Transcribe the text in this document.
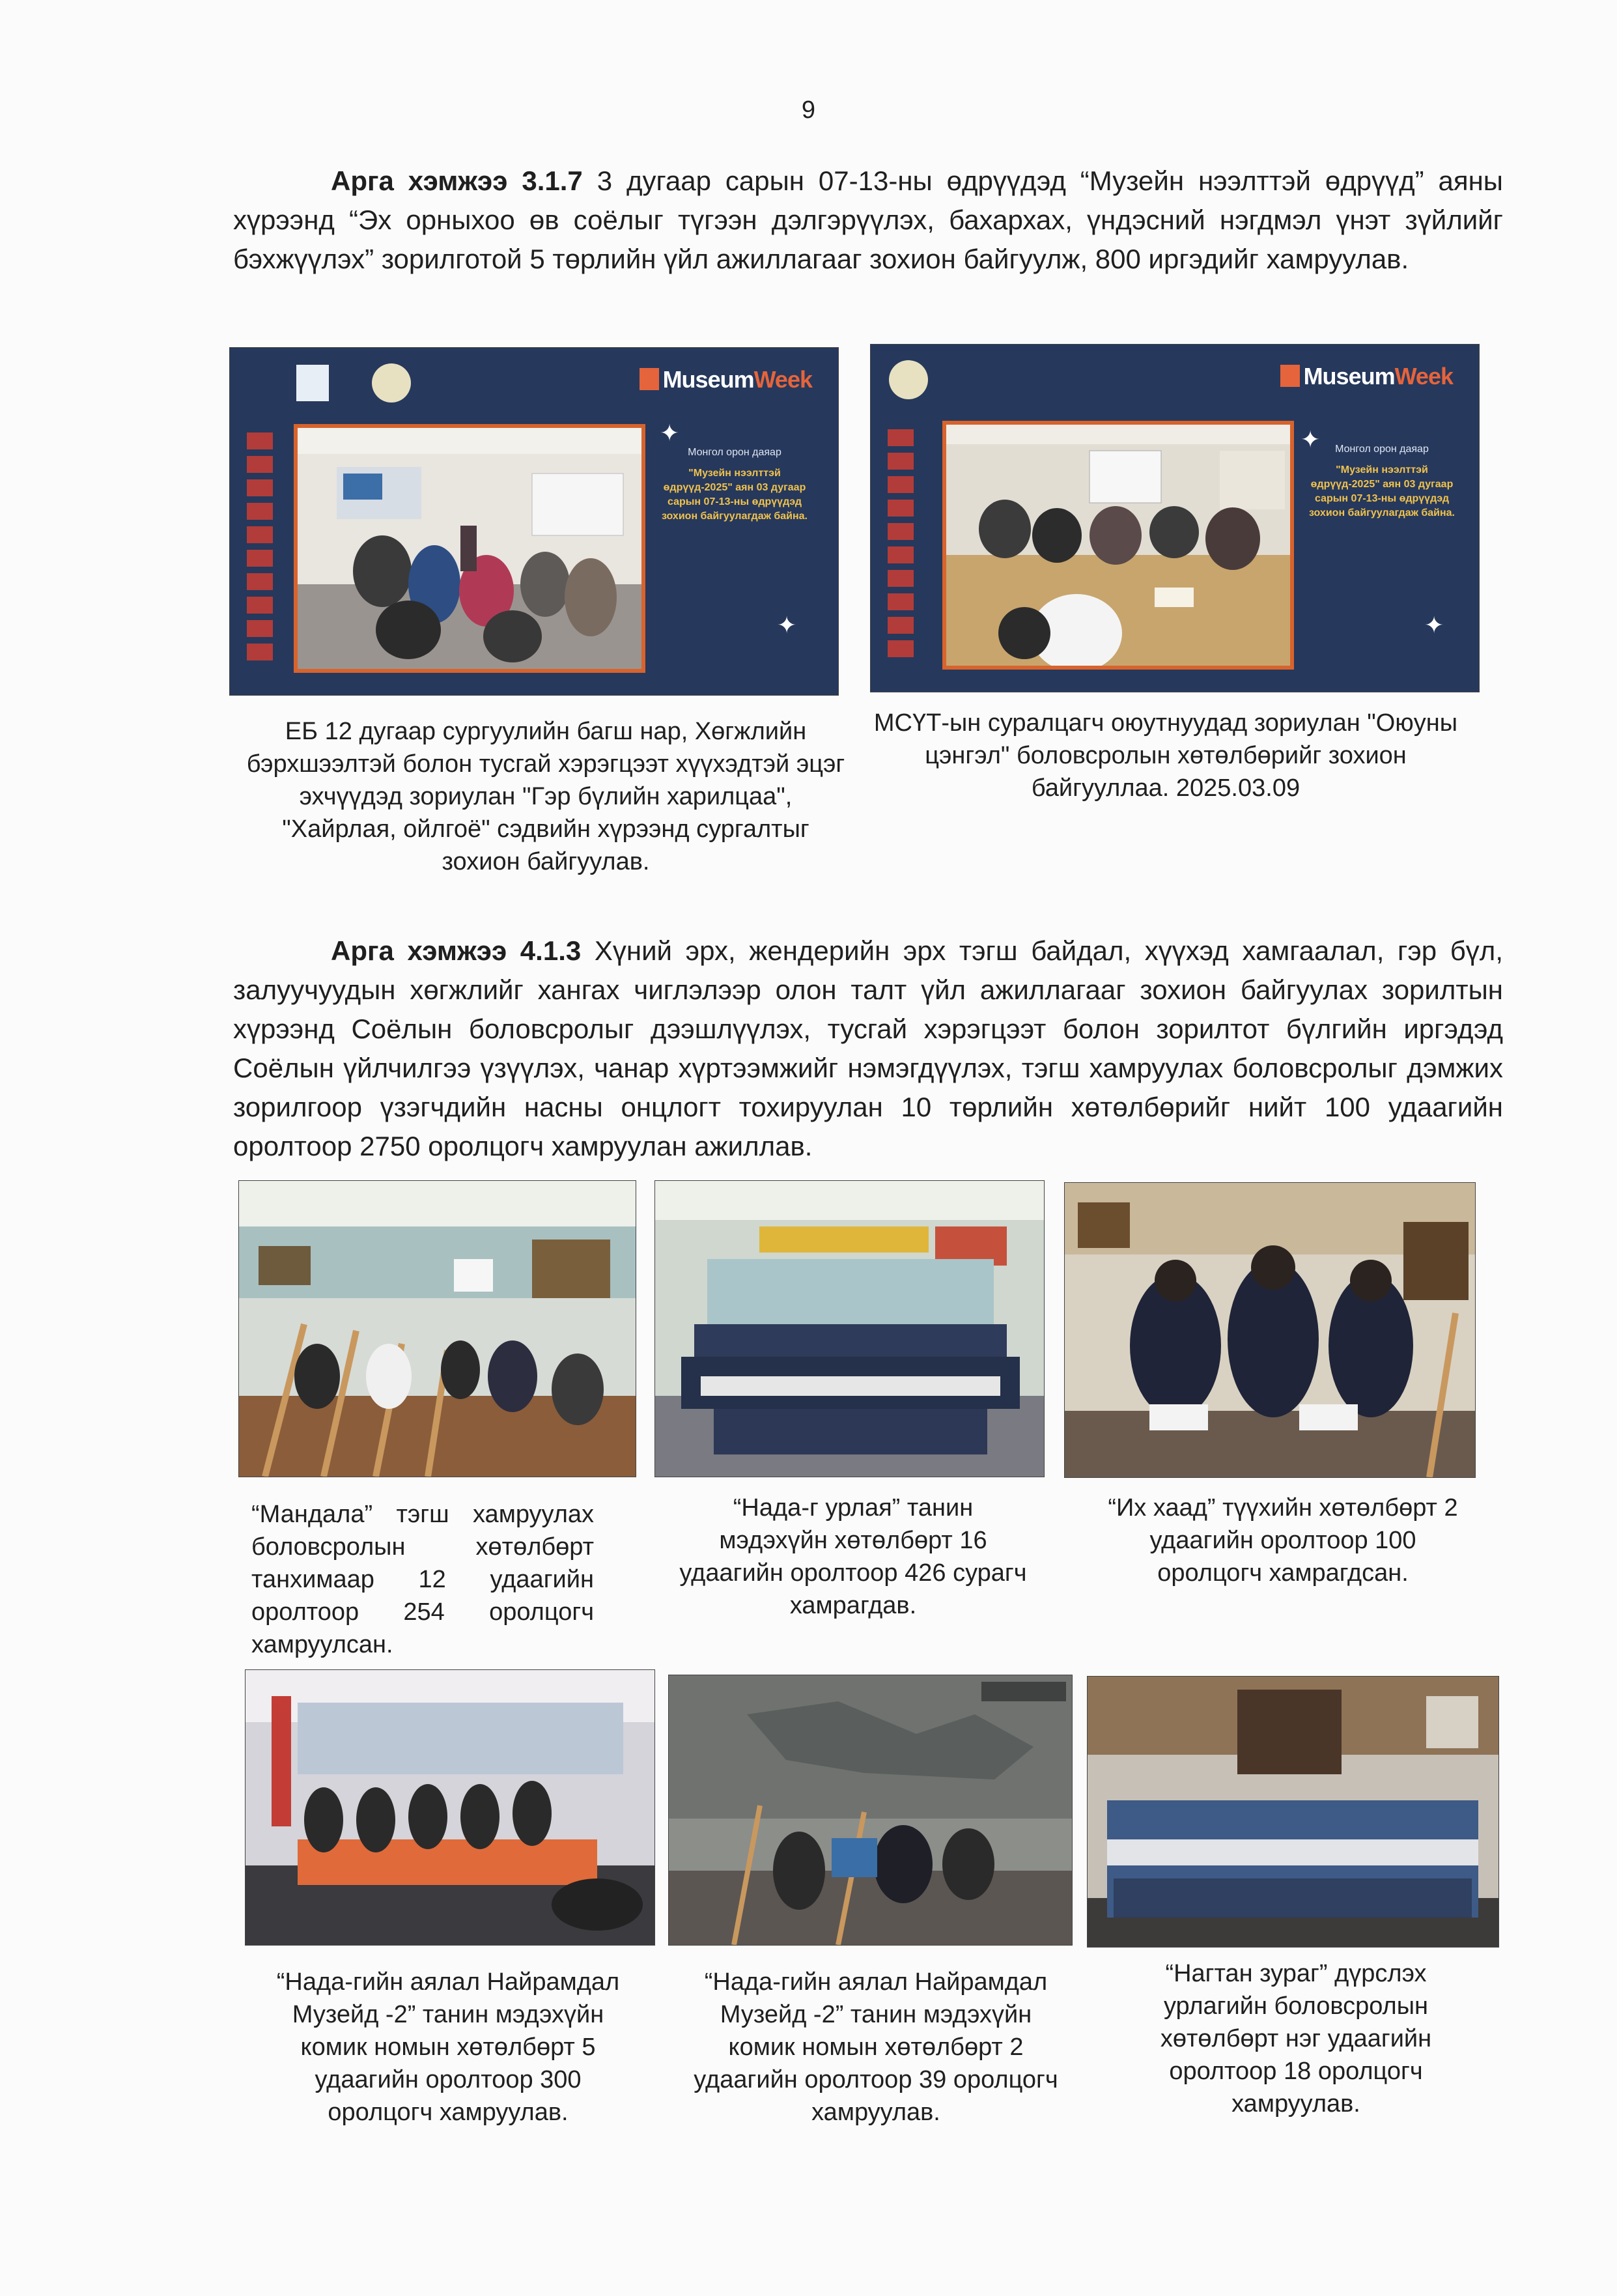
9

Арга хэмжээ 3.1.7 3 дугаар сарын 07-13-ны өдрүүдэд “Музейн нээлттэй өдрүүд” аяны хүрээнд “Эх орныхоо өв соёлыг түгээн дэлгэрүүлэх, бахархах, үндэсний нэгдмэл үнэт зүйлийг бэхжүүлэх” зорилготой 5 төрлийн үйл ажиллагааг зохион байгуулж, 800 иргэдийг хамруулав.

MuseumWeek
Монгол орон даяар
"Музейн нээлттэй өдрүүд-2025" аян 03 дугаар сарын 07-13-ны өдрүүдэд зохион байгуулагдаж байна.
✦
✦
MuseumWeek
Монгол орон даяар
"Музейн нээлттэй өдрүүд-2025" аян 03 дугаар сарын 07-13-ны өдрүүдэд зохион байгуулагдаж байна.
✦
✦

ЕБ 12 дугаар сургуулийн багш нар, Хөгжлийн бэрхшээлтэй болон тусгай хэрэгцээт хүүхэдтэй эцэг эхчүүдэд зориулан "Гэр бүлийн харилцаа", "Хайрлая, ойлгоё" сэдвийн хүрээнд сургалтыг зохион байгуулав.

МСҮТ-ын суралцагч оюутнуудад зориулан "Оюуны цэнгэл" боловсролын хөтөлбөрийг зохион байгууллаа. 2025.03.09

Арга хэмжээ 4.1.3 Хүний эрх, жендерийн эрх тэгш байдал, хүүхэд хамгаалал, гэр бүл, залуучуудын хөгжлийг хангах чиглэлээр олон талт үйл ажиллагааг зохион байгуулах зорилтын хүрээнд Соёлын боловсролыг дээшлүүлэх, тусгай хэрэгцээт болон зорилтот бүлгийн иргэдэд Соёлын үйлчилгээ үзүүлэх, чанар хүртээмжийг нэмэгдүүлэх, тэгш хамруулах боловсролыг дэмжих зорилгоор үзэгчдийн насны онцлогт тохируулан 10 төрлийн хөтөлбөрийг нийт 100 удаагийн оролтоор 2750 оролцогч хамруулан ажиллав.

“Мандала” тэгш хамруулах боловсролын хөтөлбөрт танхимаар 12 удаагийн оролтоор 254 оролцогч хамруулсан.

“Нада-г урлая” танин мэдэхүйн хөтөлбөрт 16 удаагийн оролтоор 426 сурагч хамрагдав.

“Их хаад” түүхийн хөтөлбөрт 2 удаагийн оролтоор 100 оролцогч хамрагдсан.

“Нада-гийн аялал Найрамдал Музейд -2” танин мэдэхүйн комик номын хөтөлбөрт 5 удаагийн оролтоор 300 оролцогч хамруулав.

“Нада-гийн аялал Найрамдал Музейд -2” танин мэдэхүйн комик номын хөтөлбөрт 2 удаагийн оролтоор 39 оролцогч хамруулав.

“Нагтан зураг” дүрслэх урлагийн боловсролын хөтөлбөрт нэг удаагийн оролтоор 18 оролцогч хамруулав.
